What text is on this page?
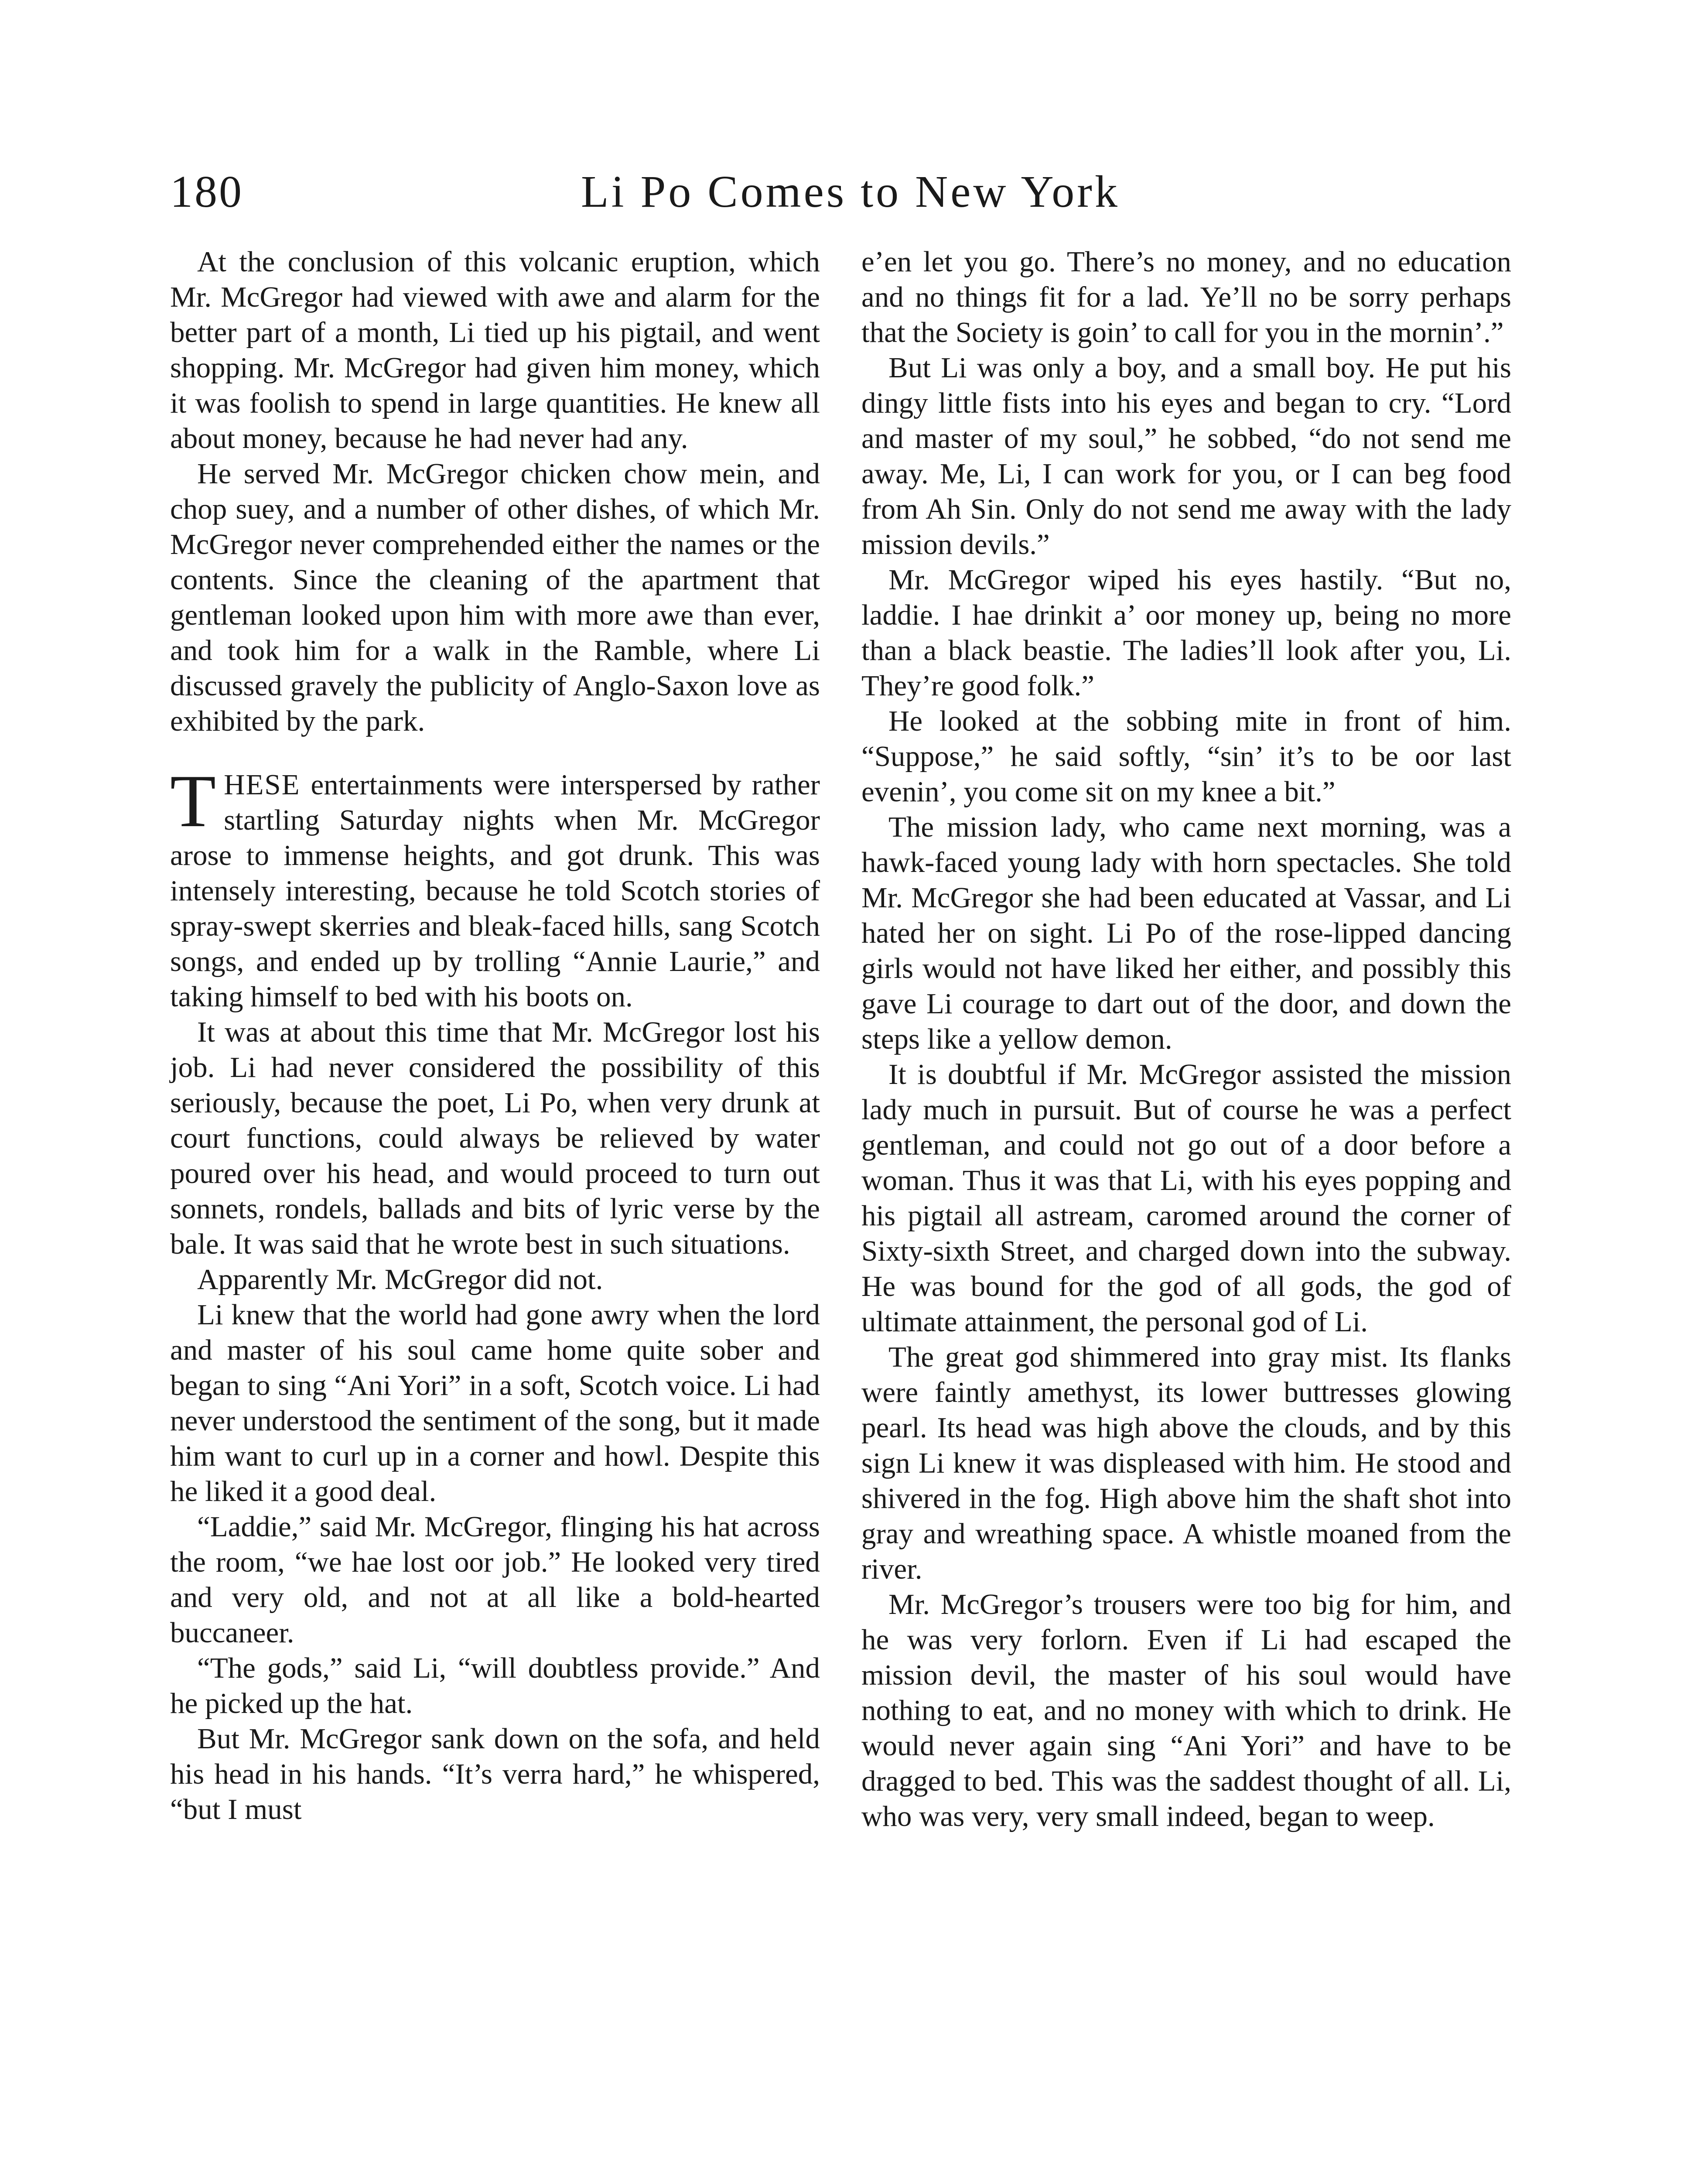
180	Li Po Comes to New York

At the conclusion of this volcanic eruption, which Mr. McGregor had viewed with awe and alarm for the better part of a month, Li tied up his pigtail, and went shopping. Mr. McGregor had given him money, which it was foolish to spend in large quantities. He knew all about money, because he had never had any.

He served Mr. McGregor chicken chow mein, and chop suey, and a number of other dishes, of which Mr. McGregor never comprehended either the names or the contents. Since the cleaning of the apartment that gentleman looked upon him with more awe than ever, and took him for a walk in the Ramble, where Li discussed gravely the publicity of Anglo-Saxon love as exhibited by the park.

THESE entertainments were interspersed by rather startling Saturday nights when Mr. McGregor arose to immense heights, and got drunk. This was intensely interesting, because he told Scotch stories of spray-swept skerries and bleak-faced hills, sang Scotch songs, and ended up by trolling “Annie Laurie,” and taking himself to bed with his boots on.

It was at about this time that Mr. McGregor lost his job. Li had never considered the possibility of this seriously, because the poet, Li Po, when very drunk at court functions, could always be relieved by water poured over his head, and would proceed to turn out sonnets, rondels, ballads and bits of lyric verse by the bale. It was said that he wrote best in such situations.

Apparently Mr. McGregor did not.

Li knew that the world had gone awry when the lord and master of his soul came home quite sober and began to sing “Ani Yori” in a soft, Scotch voice. Li had never understood the sentiment of the song, but it made him want to curl up in a corner and howl. Despite this he liked it a good deal.

“Laddie,” said Mr. McGregor, flinging his hat across the room, “we hae lost oor job.” He looked very tired and very old, and not at all like a bold-hearted buccaneer.

“The gods,” said Li, “will doubtless provide.” And he picked up the hat.

But Mr. McGregor sank down on the sofa, and held his head in his hands. “It’s verra hard,” he whispered, “but I must

e’en let you go. There’s no money, and no education and no things fit for a lad. Ye’ll no be sorry perhaps that the Society is goin’ to call for you in the mornin’.”

But Li was only a boy, and a small boy. He put his dingy little fists into his eyes and began to cry. “Lord and master of my soul,” he sobbed, “do not send me away. Me, Li, I can work for you, or I can beg food from Ah Sin. Only do not send me away with the lady mission devils.”

Mr. McGregor wiped his eyes hastily. “But no, laddie. I hae drinkit a’ oor money up, being no more than a black beastie. The ladies’ll look after you, Li. They’re good folk.”

He looked at the sobbing mite in front of him. “Suppose,” he said softly, “sin’ it’s to be oor last evenin’, you come sit on my knee a bit.”

The mission lady, who came next morning, was a hawk-faced young lady with horn spectacles. She told Mr. McGregor she had been educated at Vassar, and Li hated her on sight. Li Po of the rose-lipped dancing girls would not have liked her either, and possibly this gave Li courage to dart out of the door, and down the steps like a yellow demon.

It is doubtful if Mr. McGregor assisted the mission lady much in pursuit. But of course he was a perfect gentleman, and could not go out of a door before a woman. Thus it was that Li, with his eyes popping and his pigtail all astream, caromed around the corner of Sixty-sixth Street, and charged down into the subway. He was bound for the god of all gods, the god of ultimate attainment, the personal god of Li.

The great god shimmered into gray mist. Its flanks were faintly amethyst, its lower buttresses glowing pearl. Its head was high above the clouds, and by this sign Li knew it was displeased with him. He stood and shivered in the fog. High above him the shaft shot into gray and wreathing space. A whistle moaned from the river.

Mr. McGregor’s trousers were too big for him, and he was very forlorn. Even if Li had escaped the mission devil, the master of his soul would have nothing to eat, and no money with which to drink. He would never again sing “Ani Yori” and have to be dragged to bed. This was the saddest thought of all. Li, who was very, very small indeed, began to weep.
